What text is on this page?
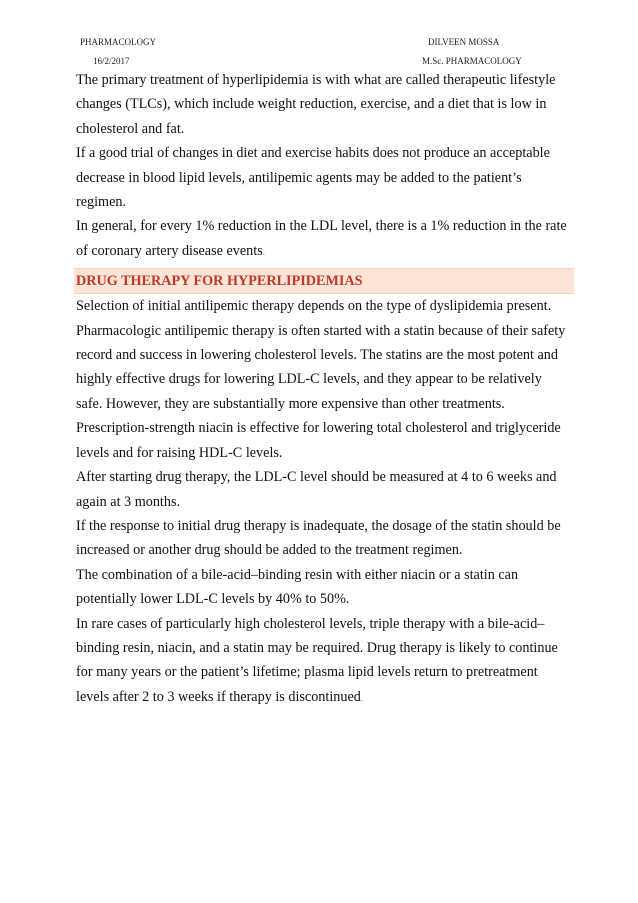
PHARMACOLOGY
16/2/2017
DILVEEN MOSSA
M.Sc. PHARMACOLOGY

The primary treatment of hyperlipidemia is with what are called therapeutic lifestyle changes (TLCs), which include weight reduction, exercise, and a diet that is low in cholesterol and fat.

If a good trial of changes in diet and exercise habits does not produce an acceptable decrease in blood lipid levels, antilipemic agents may be added to the patient’s regimen.

In general, for every 1% reduction in the LDL level, there is a 1% reduction in the rate of coronary artery disease events.

DRUG THERAPY FOR HYPERLIPIDEMIAS

Selection of initial antilipemic therapy depends on the type of dyslipidemia present.

Pharmacologic antilipemic therapy is often started with a statin because of their safety record and success in lowering cholesterol levels. The statins are the most potent and highly effective drugs for lowering LDL-C levels, and they appear to be relatively safe. However, they are substantially more expensive than other treatments.

Prescription-strength niacin is effective for lowering total cholesterol and triglyceride levels and for raising HDL-C levels.

After starting drug therapy, the LDL-C level should be measured at 4 to 6 weeks and again at 3 months.

If the response to initial drug therapy is inadequate, the dosage of the statin should be increased or another drug should be added to the treatment regimen.

The combination of a bile-acid–binding resin with either niacin or a statin can potentially lower LDL-C levels by 40% to 50%.

In rare cases of particularly high cholesterol levels, triple therapy with a bile-acid–binding resin, niacin, and a statin may be required. Drug therapy is likely to continue for many years or the patient’s lifetime; plasma lipid levels return to pretreatment levels after 2 to 3 weeks if therapy is discontinued.
